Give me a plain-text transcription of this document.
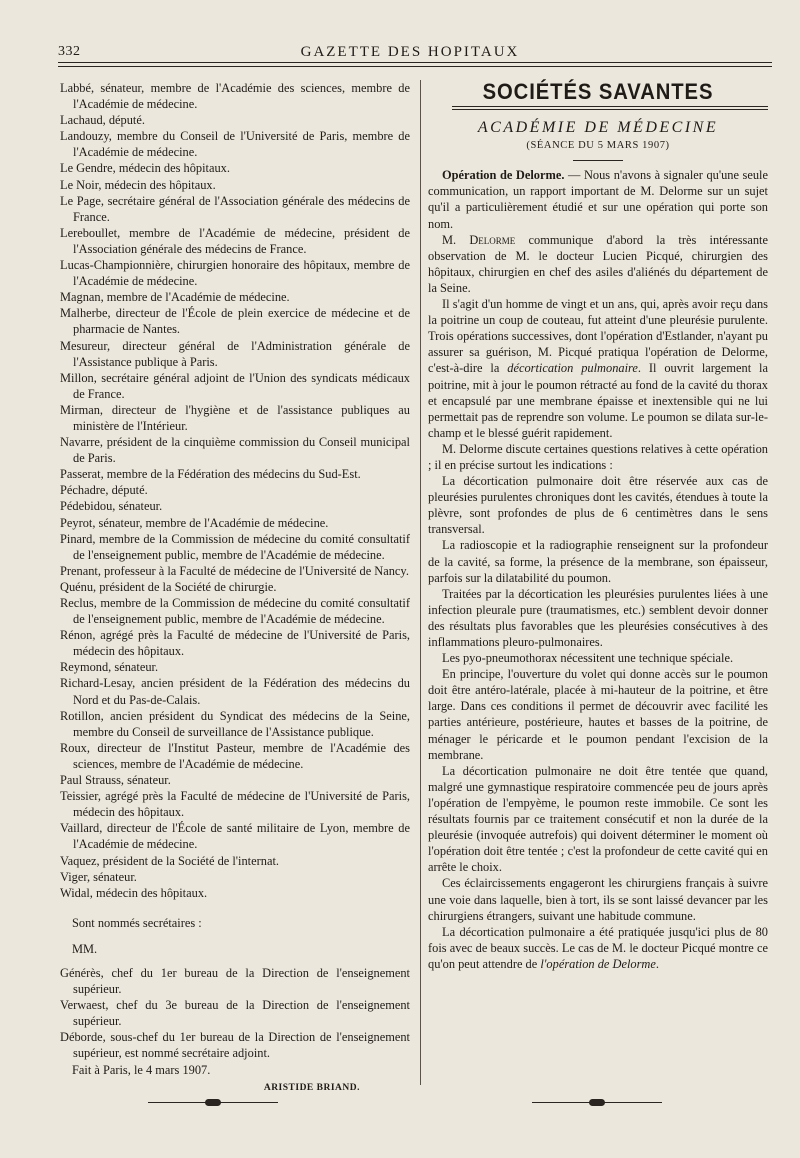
332	GAZETTE DES HOPITAUX

Labbé, sénateur, membre de l'Académie des sciences, membre de l'Académie de médecine.

Lachaud, député.

Landouzy, membre du Conseil de l'Université de Paris, membre de l'Académie de médecine.

Le Gendre, médecin des hôpitaux.

Le Noir, médecin des hôpitaux.

Le Page, secrétaire général de l'Association générale des médecins de France.

Lereboullet, membre de l'Académie de médecine, président de l'Association générale des médecins de France.

Lucas-Championnière, chirurgien honoraire des hôpitaux, membre de l'Académie de médecine.

Magnan, membre de l'Académie de médecine.

Malherbe, directeur de l'École de plein exercice de médecine et de pharmacie de Nantes.

Mesureur, directeur général de l'Administration générale de l'Assistance publique à Paris.

Millon, secrétaire général adjoint de l'Union des syndicats médicaux de France.

Mirman, directeur de l'hygiène et de l'assistance publiques au ministère de l'Intérieur.

Navarre, président de la cinquième commission du Conseil municipal de Paris.

Passerat, membre de la Fédération des médecins du Sud-Est.

Péchadre, député.

Pédebidou, sénateur.

Peyrot, sénateur, membre de l'Académie de médecine.

Pinard, membre de la Commission de médecine du comité consultatif de l'enseignement public, membre de l'Académie de médecine.

Prenant, professeur à la Faculté de médecine de l'Université de Nancy.

Quénu, président de la Société de chirurgie.

Reclus, membre de la Commission de médecine du comité consultatif de l'enseignement public, membre de l'Académie de médecine.

Rénon, agrégé près la Faculté de médecine de l'Université de Paris, médecin des hôpitaux.

Reymond, sénateur.

Richard-Lesay, ancien président de la Fédération des médecins du Nord et du Pas-de-Calais.

Rotillon, ancien président du Syndicat des médecins de la Seine, membre du Conseil de surveillance de l'Assistance publique.

Roux, directeur de l'Institut Pasteur, membre de l'Académie des sciences, membre de l'Académie de médecine.

Paul Strauss, sénateur.

Teissier, agrégé près la Faculté de médecine de l'Université de Paris, médecin des hôpitaux.

Vaillard, directeur de l'École de santé militaire de Lyon, membre de l'Académie de médecine.

Vaquez, président de la Société de l'internat.

Viger, sénateur.

Widal, médecin des hôpitaux.

Sont nommés secrétaires :
MM.

Générès, chef du 1er bureau de la Direction de l'enseignement supérieur.

Verwaest, chef du 3e bureau de la Direction de l'enseignement supérieur.

Déborde, sous-chef du 1er bureau de la Direction de l'enseignement supérieur, est nommé secrétaire adjoint.

Fait à Paris, le 4 mars 1907.
ARISTIDE BRIAND.
SOCIÉTÉS SAVANTES
ACADÉMIE DE MÉDECINE
(SÉANCE DU 5 MARS 1907)

Opération de Delorme. — Nous n'avons à signaler qu'une seule communication, un rapport important de M. Delorme sur un sujet qu'il a particulièrement étudié et sur une opération qui porte son nom.

M. Delorme communique d'abord la très intéressante observation de M. le docteur Lucien Picqué, chirurgien des hôpitaux, chirurgien en chef des asiles d'aliénés du département de la Seine.

Il s'agit d'un homme de vingt et un ans, qui, après avoir reçu dans la poitrine un coup de couteau, fut atteint d'une pleurésie purulente. Trois opérations successives, dont l'opération d'Estlander, n'ayant pu assurer sa guérison, M. Picqué pratiqua l'opération de Delorme, c'est-à-dire la décortication pulmonaire. Il ouvrit largement la poitrine, mit à jour le poumon rétracté au fond de la cavité du thorax et encapsulé par une membrane épaisse et inextensible qui ne lui permettait pas de reprendre son volume. Le poumon se dilata sur-le-champ et le blessé guérit rapidement.

M. Delorme discute certaines questions relatives à cette opération ; il en précise surtout les indications :

La décortication pulmonaire doit être réservée aux cas de pleurésies purulentes chroniques dont les cavités, étendues à toute la plèvre, sont profondes de plus de 6 centimètres dans le sens transversal.

La radioscopie et la radiographie renseignent sur la profondeur de la cavité, sa forme, la présence de la membrane, son épaisseur, parfois sur la dilatabilité du poumon.

Traitées par la décortication les pleurésies purulentes liées à une infection pleurale pure (traumatismes, etc.) semblent devoir donner des résultats plus favorables que les pleurésies consécutives à des inflammations pleuro-pulmonaires.

Les pyo-pneumothorax nécessitent une technique spéciale.

En principe, l'ouverture du volet qui donne accès sur le poumon doit être antéro-latérale, placée à mi-hauteur de la poitrine, et être large. Dans ces conditions il permet de découvrir avec facilité les parties antérieure, postérieure, hautes et basses de la poitrine, de ménager le péricarde et le poumon pendant l'excision de la membrane.

La décortication pulmonaire ne doit être tentée que quand, malgré une gymnastique respiratoire commencée peu de jours après l'opération de l'empyème, le poumon reste immobile. Ce sont les résultats fournis par ce traitement consécutif et non la durée de la pleurésie (invoquée autrefois) qui doivent déterminer le moment où l'opération doit être tentée ; c'est la profondeur de cette cavité qui en arrête le choix.

Ces éclaircissements engageront les chirurgiens français à suivre une voie dans laquelle, bien à tort, ils se sont laissé devancer par les chirurgiens étrangers, suivant une habitude commune.

La décortication pulmonaire a été pratiquée jusqu'ici plus de 80 fois avec de beaux succès. Le cas de M. le docteur Picqué montre ce qu'on peut attendre de l'opération de Delorme.
